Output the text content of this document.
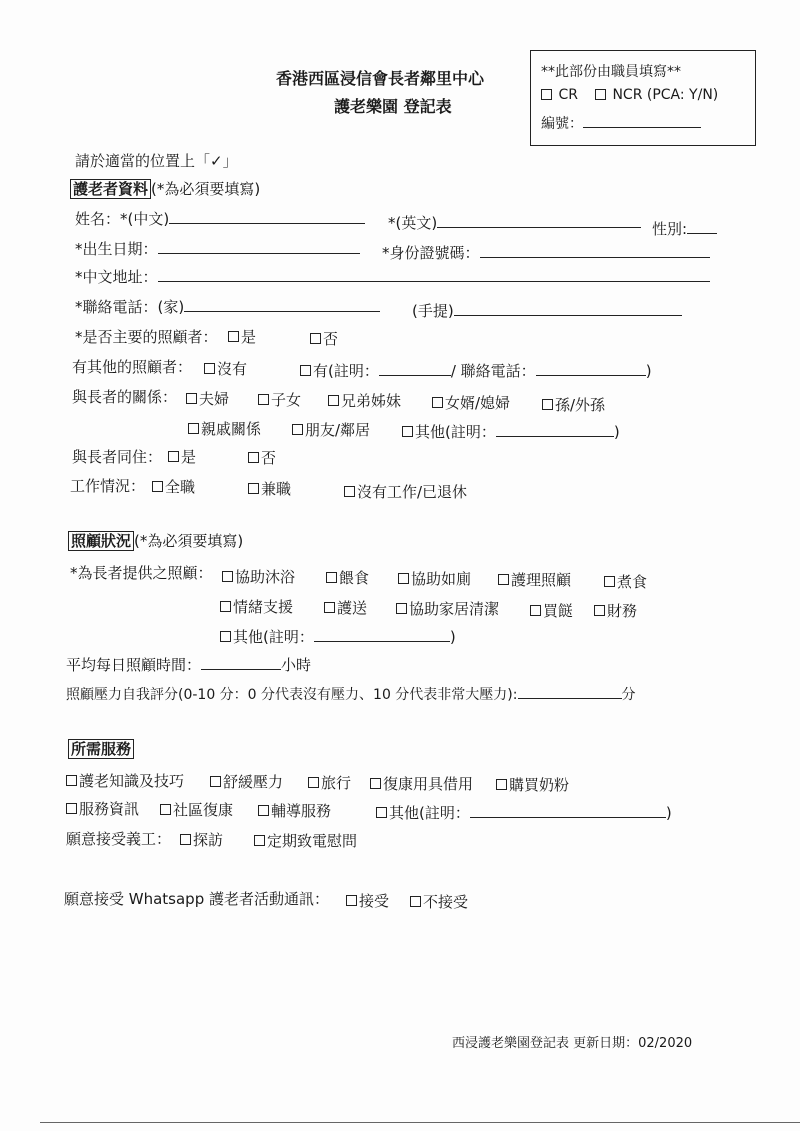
香港西區浸信會長者鄰里中心
護老樂園 登記表
**此部份由職員填寫**
CR	NCR (PCA: Y/N)
編號：
請於適當的位置上「✓」
護老者資料 (*為必須要填寫)
姓名：*(中文)	*(英文)	性別:
*出生日期：	*身份證號碼：
*中文地址：
*聯絡電話：(家)	(手提)
*是否主要的照顧者：	是	否
有其他的照顧者：	沒有	有(註明：	/ 聯絡電話：	)
與長者的關係：	夫婦	子女	兄弟姊妹	女婿/媳婦	孫/外孫
親戚關係	朋友/鄰居	其他(註明：	)
與長者同住：	是	否
工作情況：	全職	兼職	沒有工作/已退休
照顧狀況 (*為必須要填寫)
*為長者提供之照顧：	協助沐浴	餵食	協助如廁	護理照顧	煮食
情緒支援	護送	協助家居清潔	買餸	財務
其他(註明：	)
平均每日照顧時間：	小時
照顧壓力自我評分(0-10 分：0 分代表沒有壓力、10 分代表非常大壓力):	分
所需服務
護老知識及技巧	舒緩壓力	旅行	復康用具借用	購買奶粉
服務資訊	社區復康	輔導服務	其他(註明：	)
願意接受義工：	探訪	定期致電慰問
願意接受 Whatsapp 護老者活動通訊：	接受	不接受
西浸護老樂園登記表 更新日期：02/2020
